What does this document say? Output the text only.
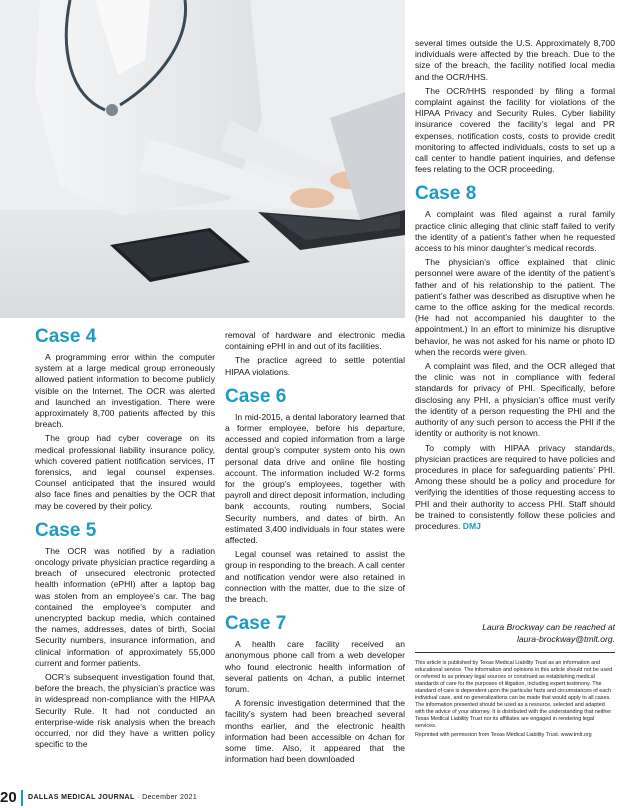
Case 4

A programming error within the computer system at a large medical group erroneously allowed patient information to become publicly visible on the Internet. The OCR was alerted and launched an investigation. There were approximately 8,700 patients affected by this breach.

The group had cyber coverage on its medical professional liability insurance policy, which covered patient notification services, IT forensics, and legal counsel expenses. Counsel anticipated that the insured would also face fines and penalties by the OCR that may be covered by their policy.

Case 5

The OCR was notified by a radiation oncology private physician practice regarding a breach of unsecured electronic protected health information (ePHI) after a laptop bag was stolen from an employee’s car. The bag contained the employee’s computer and unencrypted backup media, which contained the names, addresses, dates of birth, Social Security numbers, insurance information, and clinical information of approximately 55,000 current and former patients.

OCR’s subsequent investigation found that, before the breach, the physician’s practice was in widespread non-compliance with the HIPAA Security Rule. It had not conducted an enterprise-wide risk analysis when the breach occurred, nor did they have a written policy specific to the

removal of hardware and electronic media containing ePHI in and out of its facilities.

The practice agreed to settle potential HIPAA violations.

Case 6

In mid-2015, a dental laboratory learned that a former employee, before his departure, accessed and copied information from a large dental group’s computer system onto his own personal data drive and online file hosting account. The information included W-2 forms for the group’s employees, together with payroll and direct deposit information, including bank accounts, routing numbers, Social Security numbers, and dates of birth. An estimated 3,400 individuals in four states were affected.

Legal counsel was retained to assist the group in responding to the breach. A call center and notification vendor were also retained in connection with the matter, due to the size of the breach.

Case 7

A health care facility received an anonymous phone call from a web developer who found electronic health information of several patients on 4chan, a public internet forum.

A forensic investigation determined that the facility’s system had been breached several months earlier, and the electronic health information had been accessible on 4chan for some time. Also, it appeared that the information had been downloaded

several times outside the U.S. Approximately 8,700 individuals were affected by the breach. Due to the size of the breach, the facility notified local media and the OCR/HHS.

The OCR/HHS responded by filing a formal complaint against the facility for violations of the HIPAA Privacy and Security Rules. Cyber liability insurance covered the facility’s legal and PR expenses, notification costs, costs to provide credit monitoring to affected individuals, costs to set up a call center to handle patient inquiries, and defense fees relating to the OCR proceeding.

Case 8

A complaint was filed against a rural family practice clinic alleging that clinic staff failed to verify the identity of a patient’s father when he requested access to his minor daughter’s medical records.

The physician’s office explained that clinic personnel were aware of the identity of the patient’s father and of his relationship to the patient. The patient’s father was described as disruptive when he came to the office asking for the medical records. (He had not accompanied his daughter to the appointment.) In an effort to minimize his disruptive behavior, he was not asked for his name or photo ID when the records were given.

A complaint was filed, and the OCR alleged that the clinic was not in compliance with federal standards for privacy of PHI. Specifically, before disclosing any PHI, a physician’s office must verify the identity of a person requesting the PHI and the authority of any such person to access the PHI if the identity or authority is not known.

To comply with HIPAA privacy standards, physician practices are required to have policies and procedures in place for safeguarding patients’ PHI. Among these should be a policy and procedure for verifying the identities of those requesting access to PHI and their authority to access PHI. Staff should be trained to consistently follow these policies and procedures. DMJ

Laura Brockway can be reached at
laura-brockway@tmlt.org.

This article is published by Texas Medical Liability Trust as an information and educational service. The information and opinions in this article should not be used or referred to as primary legal sources or construed as establishing medical standards of care for the purposes of litigation, including expert testimony. The standard of care is dependent upon the particular facts and circumstances of each individual case, and no generalizations can be made that would apply to all cases. The information presented should be used as a resource, selected and adapted with the advice of your attorney. It is distributed with the understanding that neither Texas Medical Liability Trust nor its affiliates are engaged in rendering legal services.

Reprinted with permission from Texas Medical Liability Trust. www.tmlt.org

20 DALLAS MEDICAL JOURNAL · December 2021
